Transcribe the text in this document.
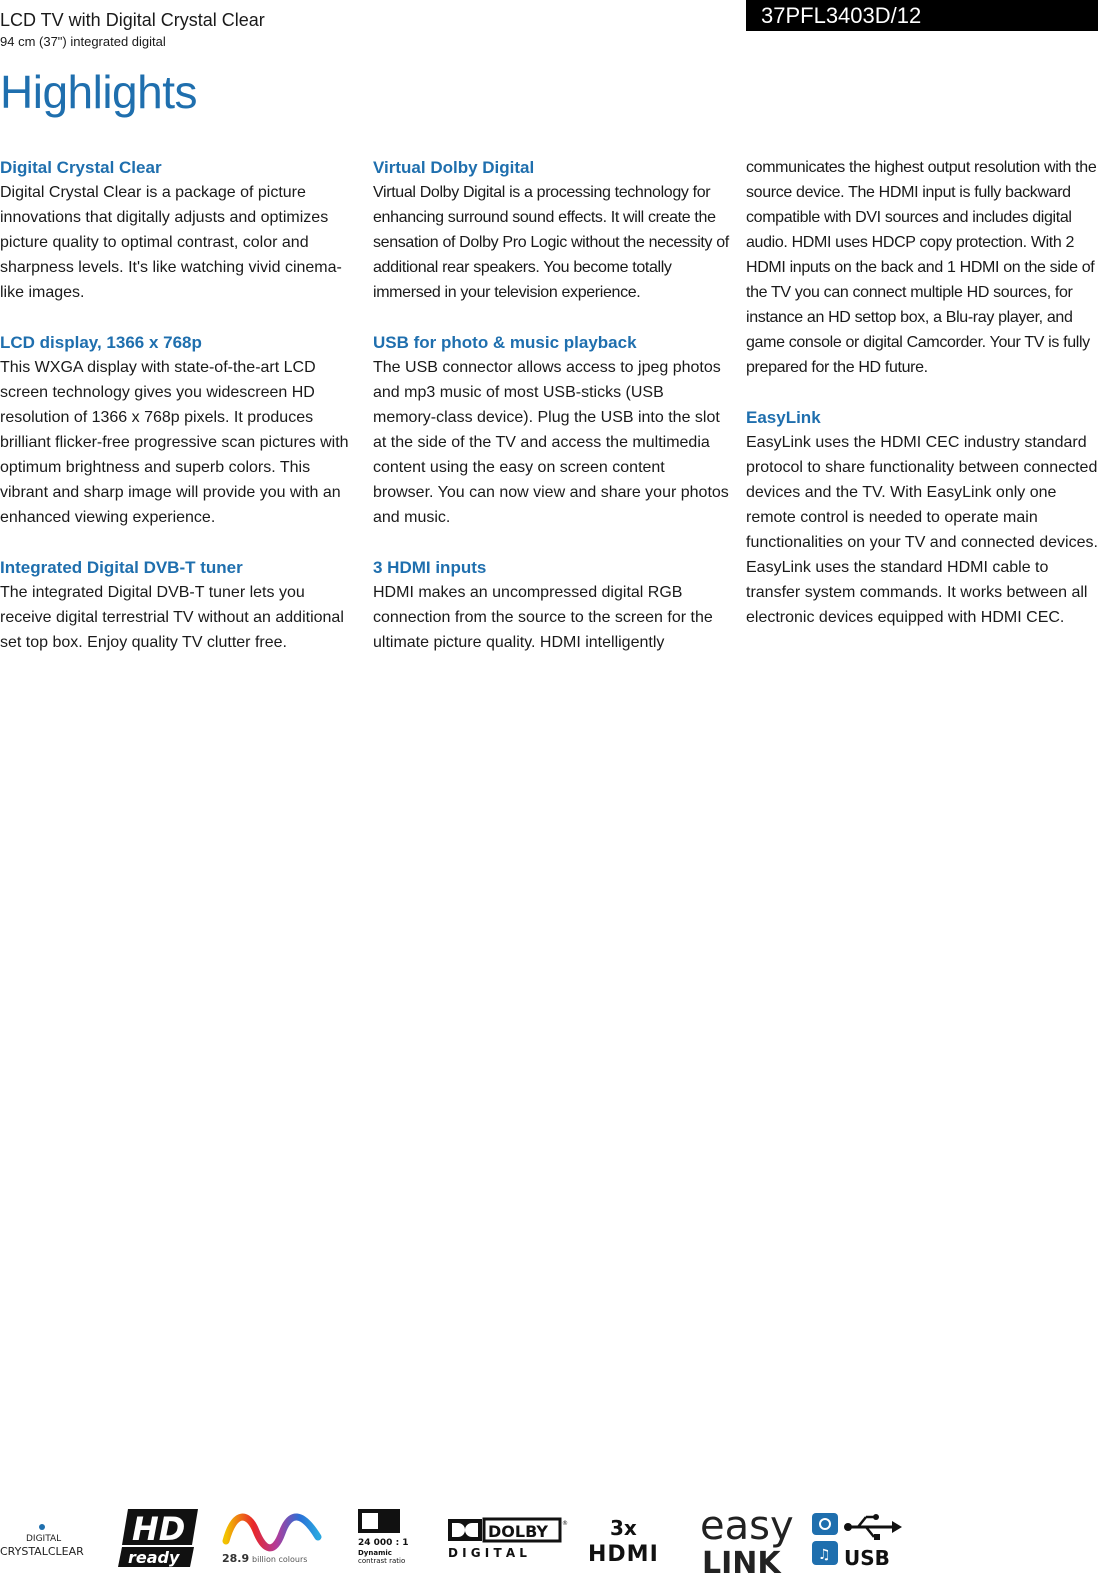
LCD TV with Digital Crystal Clear
94 cm (37") integrated digital
37PFL3403D/12
Highlights
Digital Crystal Clear
Digital Crystal Clear is a package of picture innovations that digitally adjusts and optimizes picture quality to optimal contrast, color and sharpness levels. It's like watching vivid cinema-like images.
LCD display, 1366 x 768p
This WXGA display with state-of-the-art LCD screen technology gives you widescreen HD resolution of 1366 x 768p pixels. It produces brilliant flicker-free progressive scan pictures with optimum brightness and superb colors. This vibrant and sharp image will provide you with an enhanced viewing experience.
Integrated Digital DVB-T tuner
The integrated Digital DVB-T tuner lets you receive digital terrestrial TV without an additional set top box. Enjoy quality TV clutter free.
Virtual Dolby Digital
Virtual Dolby Digital is a processing technology for enhancing surround sound effects. It will create the sensation of Dolby Pro Logic without the necessity of additional rear speakers. You become totally immersed in your television experience.
USB for photo & music playback
The USB connector allows access to jpeg photos and mp3 music of most USB-sticks (USB memory-class device). Plug the USB into the slot at the side of the TV and access the multimedia content using the easy on screen content browser. You can now view and share your photos and music.
3 HDMI inputs
HDMI makes an uncompressed digital RGB connection from the source to the screen for the ultimate picture quality. HDMI intelligently
communicates the highest output resolution with the source device. The HDMI input is fully backward compatible with DVI sources and includes digital audio. HDMI uses HDCP copy protection. With 2 HDMI inputs on the back and 1 HDMI on the side of the TV you can connect multiple HD sources, for instance an HD settop box, a Blu-ray player, and game console or digital Camcorder. Your TV is fully prepared for the HD future.
EasyLink
EasyLink uses the HDMI CEC industry standard protocol to share functionality between connected devices and the TV. With EasyLink only one remote control is needed to operate main functionalities on your TV and connected devices. EasyLink uses the standard HDMI cable to transfer system commands. It works between all electronic devices equipped with HDMI CEC.
DIGITAL
CRYSTALCLEAR
HD
ready	28.9 billion colours
24 000 : 1
Dynamic
contrast ratio
DOLBY ®
D I G I T A L
3x
HDMI
easy
LINK	♫ USB
